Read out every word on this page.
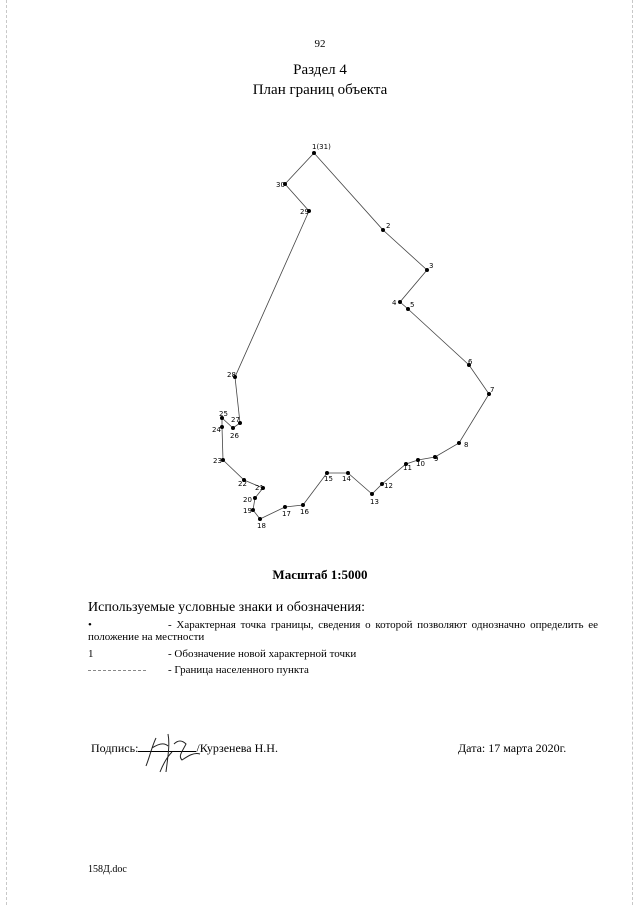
92
Раздел 4
План границ объекта
1(31)
2
3
4 5
6
7
8
9
10
11
12
13
14
15
16
17
18
19
20
21
22
23
24
25
26
27
28
29
30
Масштаб 1:5000
Используемые условные знаки и обозначения:
•	- Характерная точка границы, сведения о которой позволяют однозначно определить ее положение на местности
1	- Обозначение новой характерной точки
- Граница населенного пункта
Подпись:	/Курзенева Н.Н.	Дата: 17 марта 2020г.
158Д.doc
